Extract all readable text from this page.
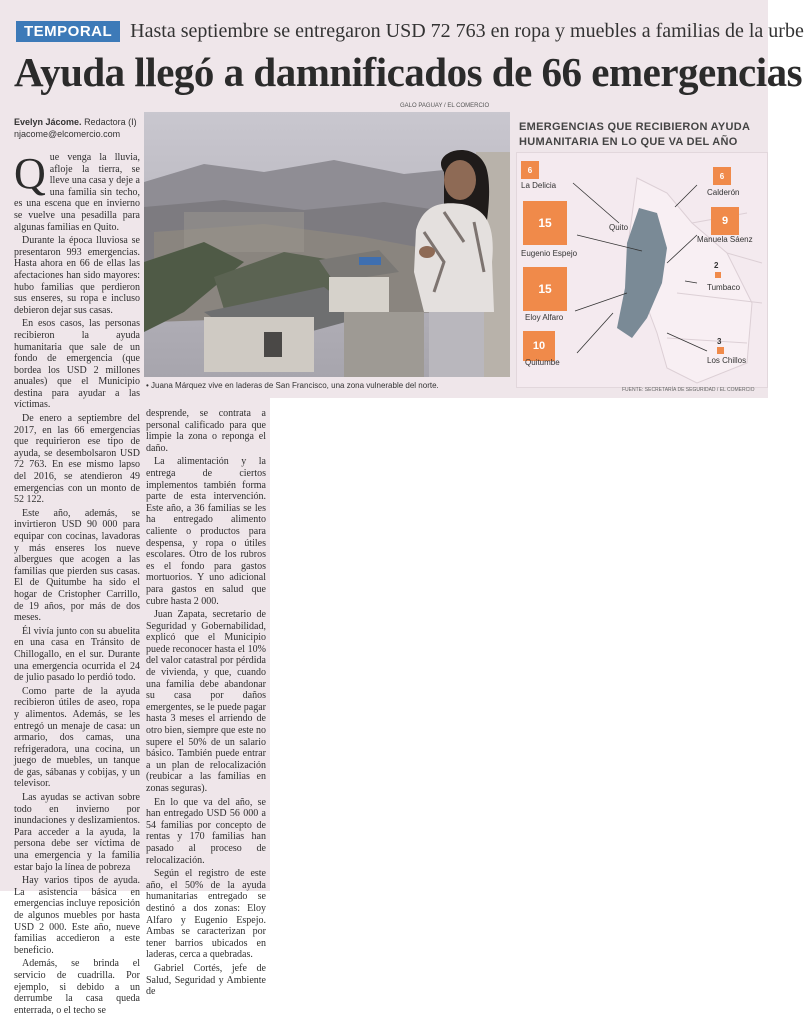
TEMPORAL Hasta septiembre se entregaron USD 72 763 en ropa y muebles a familias de la urbe
Ayuda llegó a damnificados de 66 emergencias
Evelyn Jácome. Redactora (I)
njacome@elcomercio.com

Que venga la lluvia, afloje la tierra, se lleve una casa y deje a una familia sin techo, es una escena que en invierno se vuelve una pesadilla para algunas familias en Quito.

Durante la época lluviosa se presentaron 993 emergencias. Hasta ahora en 66 de ellas las afectaciones han sido mayores: hubo familias que perdieron sus enseres, su ropa e incluso debieron dejar sus casas.

En esos casos, las personas recibieron la ayuda humanitaria que sale de un fondo de emergencia (que bordea los USD 2 millones anuales) que el Municipio destina para ayudar a las víctimas.

De enero a septiembre del 2017, en las 66 emergencias que requirieron ese tipo de ayuda, se desembolsaron USD 72 763. En ese mismo lapso del 2016, se atendieron 49 emergencias con un monto de 52 122.

Este año, además, se invirtieron USD 90 000 para equipar con cocinas, lavadoras y más enseres los nueve albergues que acogen a las familias que pierden sus casas. El de Quitumbe ha sido el hogar de Cristopher Carrillo, de 19 años, por más de dos meses.

Él vivía junto con su abuelita en una casa en Tránsito de Chillogallo, en el sur. Durante una emergencia ocurrida el 24 de julio pasado lo perdió todo.

Como parte de la ayuda recibieron útiles de aseo, ropa y alimentos. Además, se les entregó un menaje de casa: un armario, dos camas, una refrigeradora, una cocina, un juego de muebles, un tanque de gas, sábanas y cobijas, y un televisor.

Las ayudas se activan sobre todo en invierno por inundaciones y deslizamientos. Para acceder a la ayuda, la persona debe ser víctima de una emergencia y la familia estar bajo la línea de pobreza

Hay varios tipos de ayuda. La asistencia básica en emergencias incluye reposición de algunos muebles por hasta USD 2 000. Este año, nueve familias accedieron a este beneficio.

Además, se brinda el servicio de cuadrilla. Por ejemplo, si debido a un derrumbe la casa queda enterrada, o el techo se

desprende, se contrata a personal calificado para que limpie la zona o reponga el daño.

La alimentación y la entrega de ciertos implementos también forma parte de esta intervención. Este año, a 36 familias se les ha entregado alimento caliente o productos para despensa, y ropa o útiles escolares. Otro de los rubros es el fondo para gastos mortuorios. Y uno adicional para gastos en salud que cubre hasta 2 000.

Juan Zapata, secretario de Seguridad y Gobernabilidad, explicó que el Municipio puede reconocer hasta el 10% del valor catastral por pérdida de vivienda, y que, cuando una familia debe abandonar su casa por daños emergentes, se le puede pagar hasta 3 meses el arriendo de otro bien, siempre que este no supere el 50% de un salario básico. También puede entrar a un plan de relocalización (reubicar a las familias en zonas seguras).

En lo que va del año, se han entregado USD 56 000 a 54 familias por concepto de rentas y 170 familias han pasado al proceso de relocalización.

Según el registro de este año, el 50% de la ayuda humanitarias entregado se destinó a dos zonas: Eloy Alfaro y Eugenio Espejo. Ambas se caracterizan por tener barrios ubicados en laderas, cerca a quebradas.

Gabriel Cortés, jefe de Salud, Seguridad y Ambiente de

GALO PAGUAY / EL COMERCIO
• Juana Márquez vive en laderas de San Francisco, una zona vulnerable del norte.
EMERGENCIAS QUE RECIBIERON AYUDA HUMANITARIA EN LO QUE VA DEL AÑO
6
La Delicia
6
Calderón
15
Eugenio Espejo
9
Manuela Sáenz
2
Tumbaco
15
Eloy Alfaro
10
Quitumbe
3
Los Chillos
Quito
FUENTE: SECRETARÍA DE SEGURIDAD / EL COMERCIO
